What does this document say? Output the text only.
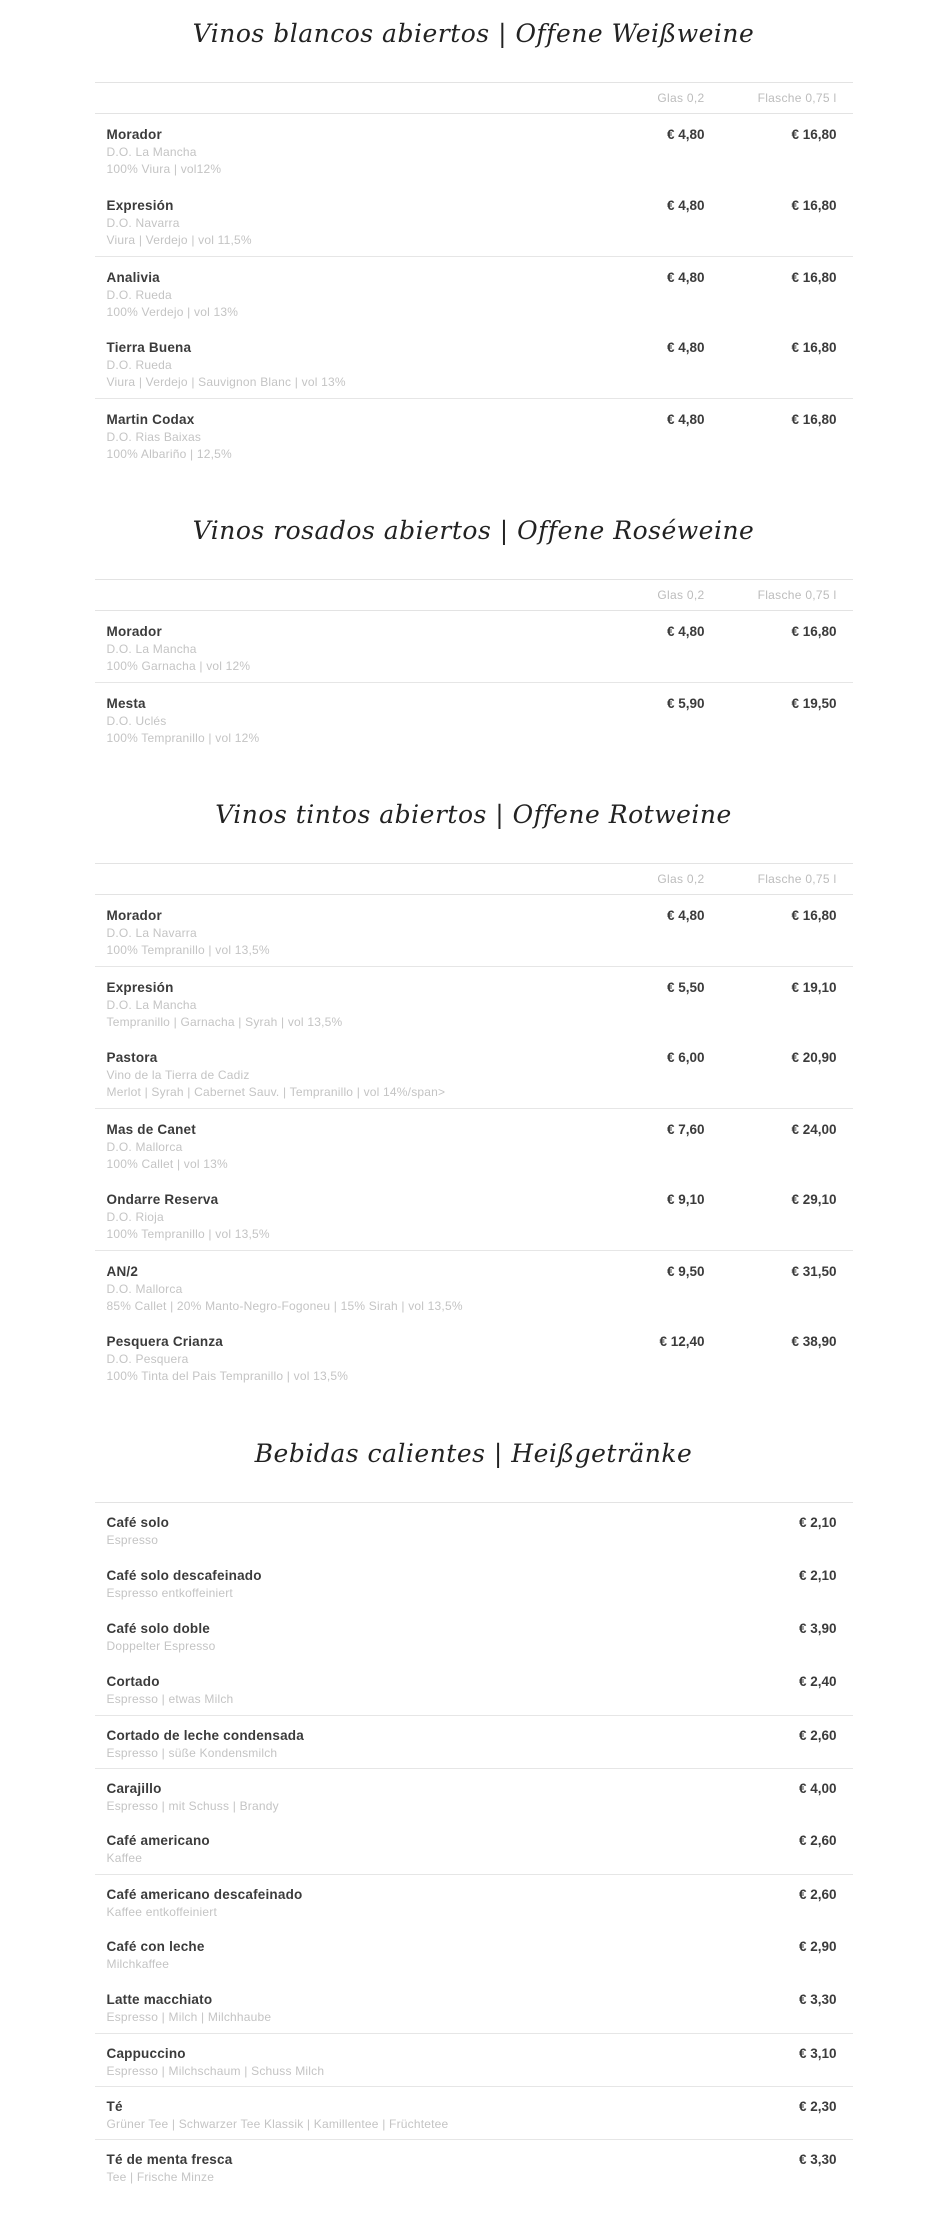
Vinos blancos abiertos | Offene Weißweine
Glas 0,2	Flasche 0,75 l
Morador
D.O. La Mancha
100% Viura | vol12%
€ 4,80	€ 16,80
Expresión
D.O. Navarra
Viura | Verdejo | vol 11,5%
€ 4,80	€ 16,80
Analivia
D.O. Rueda
100% Verdejo | vol 13%
€ 4,80	€ 16,80
Tierra Buena
D.O. Rueda
Viura | Verdejo | Sauvignon Blanc | vol 13%
€ 4,80	€ 16,80
Martin Codax
D.O. Rias Baixas
100% Albariño | 12,5%
€ 4,80	€ 16,80
Vinos rosados abiertos | Offene Roséweine
Glas 0,2	Flasche 0,75 l
Morador
D.O. La Mancha
100% Garnacha | vol 12%
€ 4,80	€ 16,80
Mesta
D.O. Uclés
100% Tempranillo | vol 12%
€ 5,90	€ 19,50
Vinos tintos abiertos | Offene Rotweine
Glas 0,2	Flasche 0,75 l
Morador
D.O. La Navarra
100% Tempranillo | vol 13,5%
€ 4,80	€ 16,80
Expresión
D.O. La Mancha
Tempranillo | Garnacha | Syrah | vol 13,5%
€ 5,50	€ 19,10
Pastora
Vino de la Tierra de Cadiz
Merlot | Syrah | Cabernet Sauv. | Tempranillo | vol 14%/span>
€ 6,00	€ 20,90
Mas de Canet
D.O. Mallorca
100% Callet | vol 13%
€ 7,60	€ 24,00
Ondarre Reserva
D.O. Rioja
100% Tempranillo | vol 13,5%
€ 9,10	€ 29,10
AN/2
D.O. Mallorca
85% Callet | 20% Manto-Negro-Fogoneu | 15% Sirah | vol 13,5%
€ 9,50	€ 31,50
Pesquera Crianza
D.O. Pesquera
100% Tinta del Pais Tempranillo | vol 13,5%
€ 12,40	€ 38,90
Bebidas calientes | Heißgetränke
Café solo
Espresso
€ 2,10
Café solo descafeinado
Espresso entkoffeiniert
€ 2,10
Café solo doble
Doppelter Espresso
€ 3,90
Cortado
Espresso | etwas Milch
€ 2,40
Cortado de leche condensada
Espresso | süße Kondensmilch
€ 2,60
Carajillo
Espresso | mit Schuss | Brandy
€ 4,00
Café americano
Kaffee
€ 2,60
Café americano descafeinado
Kaffee entkoffeiniert
€ 2,60
Café con leche
Milchkaffee
€ 2,90
Latte macchiato
Espresso | Milch | Milchhaube
€ 3,30
Cappuccino
Espresso | Milchschaum | Schuss Milch
€ 3,10
Té
Grüner Tee | Schwarzer Tee Klassik | Kamillentee | Früchtetee
€ 2,30
Té de menta fresca
Tee | Frische Minze
€ 3,30
